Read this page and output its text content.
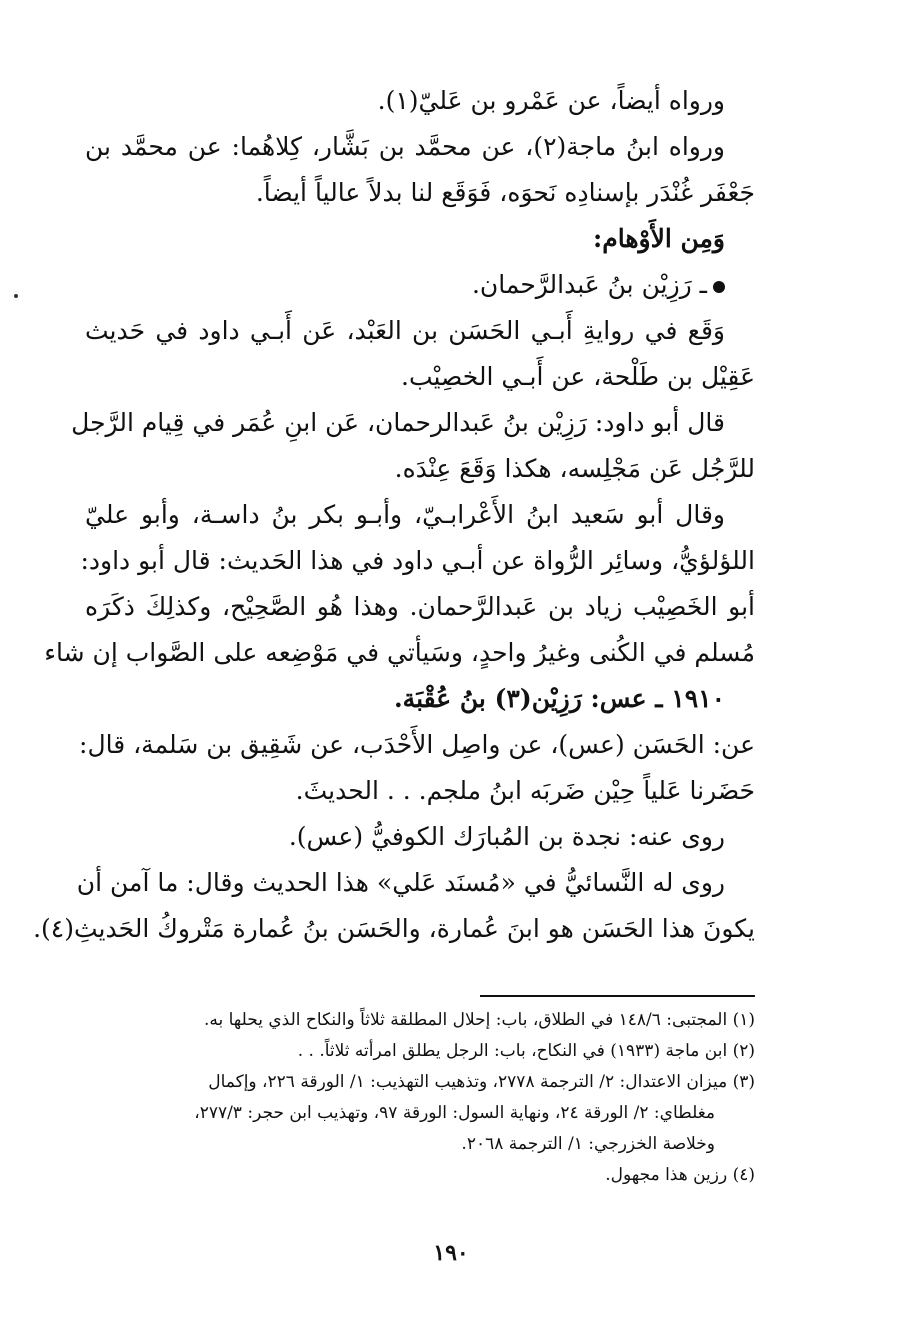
ورواه أيضاً، عن عَمْرو بن عَليّ(١).
ورواه ابنُ ماجة(٢)، عن محمَّد بن بَشَّار، كِلاهُما: عن محمَّد بن
جَعْفَر غُنْدَر بإسنادِه نَحوَه، فَوَقَع لنا بدلاً عالياً أيضاً.
وَمِن الأَوْهام:
ـ رَزِيْن بنُ عَبدالرَّحمان.
وَقَع في روايةِ أَبـي الحَسَن بن العَبْد، عَن أَبـي داود في حَديث
عَقِيْل بن طَلْحة، عن أَبـي الخصِيْب.
قال أبو داود: رَزِيْن بنُ عَبدالرحمان، عَن ابنِ عُمَر في قِيام الرَّجل
للرَّجُل عَن مَجْلِسه، هكذا وَقَعَ عِنْدَه.
وقال أبو سَعيد ابنُ الأَعْرابـيّ، وأبـو بكر بنُ داسـة، وأبو عليّ
اللؤلؤيُّ، وسائِر الرُّواة عن أبـي داود في هذا الحَديث: قال أبو داود:
أبو الخَصِيْب زياد بن عَبدالرَّحمان. وهذا هُو الصَّحِيْح، وكذلِكَ ذكَرَه
مُسلم في الكُنى وغيرُ واحدٍ، وسَيأتي في مَوْضِعه على الصَّواب إن شاء
١٩١٠ ـ عس: رَزِيْن(٣) بنُ عُقْبَة.
عن: الحَسَن (عس)، عن واصِل الأَحْدَب، عن شَقِيق بن سَلمة، قال:
حَضَرنا عَلياً حِيْن ضَربَه ابنُ ملجم. . . الحديثَ.
روى عنه: نجدة بن المُبارَك الكوفيُّ (عس).
روى له النَّسائيُّ في «مُسنَد عَلي» هذا الحديث وقال: ما آمن أن
يكونَ هذا الحَسَن هو ابنَ عُمارة، والحَسَن بنُ عُمارة مَتْروكُ الحَديثِ(٤).
(١) المجتبى: ١٤٨/٦ في الطلاق، باب: إحلال المطلقة ثلاثاً والنكاح الذي يحلها به.
(٢) ابن ماجة (١٩٣٣) في النكاح، باب: الرجل يطلق امرأته ثلاثاً. . .
(٣) ميزان الاعتدال: ٢/ الترجمة ٢٧٧٨، وتذهيب التهذيب: ١/ الورقة ٢٢٦، وإكمال
مغلطاي: ٢/ الورقة ٢٤، ونهاية السول: الورقة ٩٧، وتهذيب ابن حجر: ٢٧٧/٣،
وخلاصة الخزرجي: ١/ الترجمة ٢٠٦٨.
(٤) رزين هذا مجهول.
١٩٠
